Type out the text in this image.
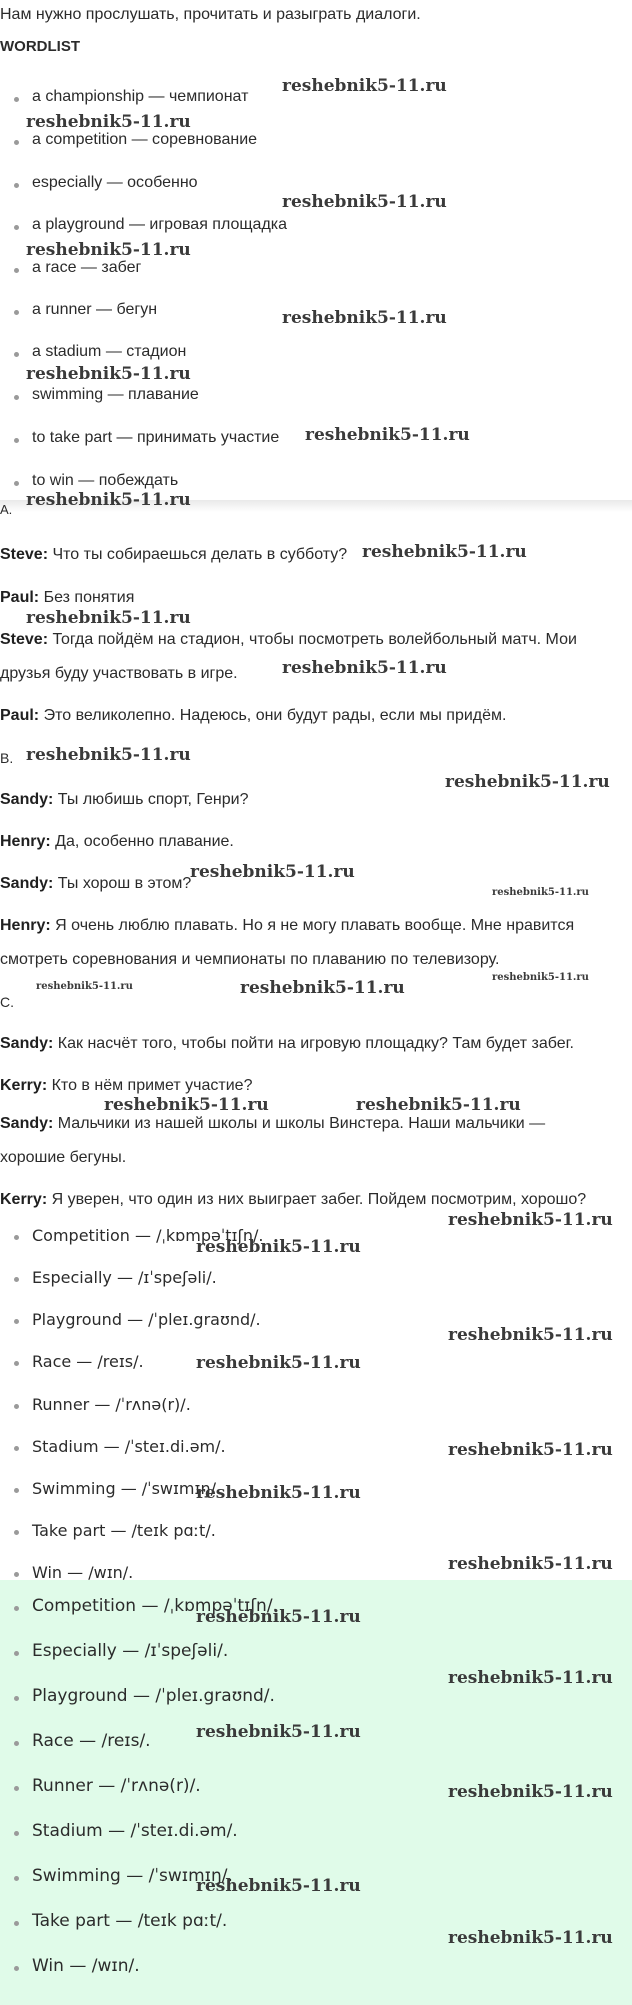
Нам нужно прослушать, прочитать и разыграть диалоги.
WORDLIST
a championship — чемпионат
a competition — соревнование
especially — особенно
a playground — игровая площадка
a race — забег
a runner — бегун
a stadium — стадион
swimming — плавание
to take part — принимать участие
to win — побеждать
A.
Steve: Что ты собираешься делать в субботу?
Paul: Без понятия
Steve: Тогда пойдём на стадион, чтобы посмотреть волейбольный матч. Мои
друзья буду участвовать в игре.
Paul: Это великолепно. Надеюсь, они будут рады, если мы придём.
B.
Sandy: Ты любишь спорт, Генри?
Henry: Да, особенно плавание.
Sandy: Ты хорош в этом?
Henry: Я очень люблю плавать. Но я не могу плавать вообще. Мне нравится
смотреть соревнования и чемпионаты по плаванию по телевизору.
C.
Sandy: Как насчёт того, чтобы пойти на игровую площадку? Там будет забег.
Kerry: Кто в нём примет участие?
Sandy: Мальчики из нашей школы и школы Винстера. Наши мальчики —
хорошие бегуны.
Kerry: Я уверен, что один из них выиграет забег. Пойдем посмотрим, хорошо?
Competition — /ˌkɒmpəˈtɪʃn/.
Especially — /ɪˈspeʃəli/.
Playground — /ˈpleɪ.graʊnd/.
Race — /reɪs/.
Runner — /ˈrʌnə(r)/.
Stadium — /ˈsteɪ.di.əm/.
Swimming — /ˈswɪmɪŋ/.
Take part — /teɪk pɑːt/.
Win — /wɪn/.
Competition — /ˌkɒmpəˈtɪʃn/.
Especially — /ɪˈspeʃəli/.
Playground — /ˈpleɪ.graʊnd/.
Race — /reɪs/.
Runner — /ˈrʌnə(r)/.
Stadium — /ˈsteɪ.di.əm/.
Swimming — /ˈswɪmɪŋ/.
Take part — /teɪk pɑːt/.
Win — /wɪn/.
reshebnik5-11.ru
reshebnik5-11.ru
reshebnik5-11.ru
reshebnik5-11.ru
reshebnik5-11.ru
reshebnik5-11.ru
reshebnik5-11.ru
reshebnik5-11.ru
reshebnik5-11.ru
reshebnik5-11.ru
reshebnik5-11.ru
reshebnik5-11.ru
reshebnik5-11.ru
reshebnik5-11.ru
reshebnik5-11.ru
reshebnik5-11.ru	reshebnik5-11.ru
reshebnik5-11.ru
reshebnik5-11.ru	reshebnik5-11.ru
reshebnik5-11.ru
reshebnik5-11.ru
reshebnik5-11.ru
reshebnik5-11.ru
reshebnik5-11.ru
reshebnik5-11.ru
reshebnik5-11.ru
reshebnik5-11.ru
reshebnik5-11.ru
reshebnik5-11.ru
reshebnik5-11.ru
reshebnik5-11.ru
reshebnik5-11.ru
